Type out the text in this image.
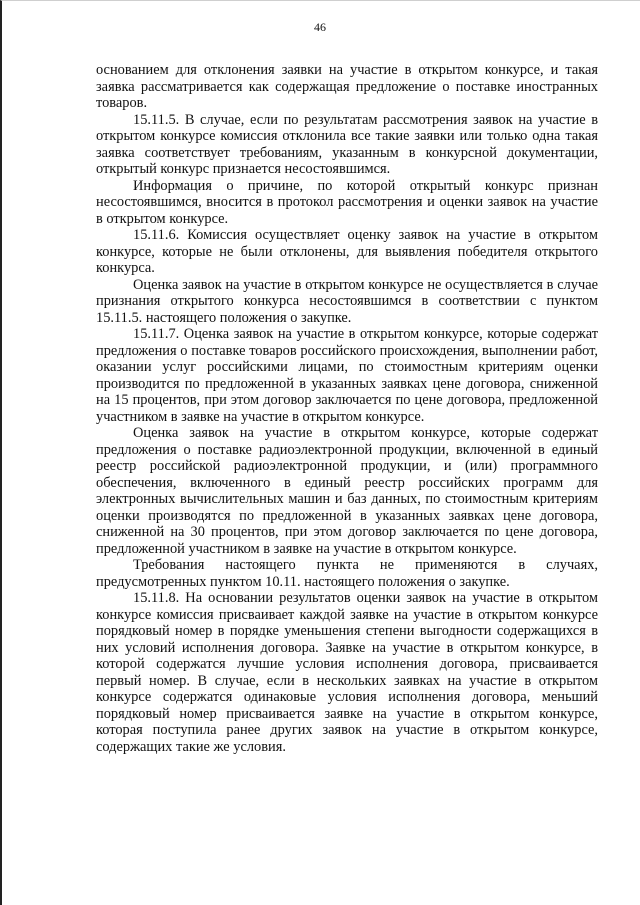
46

основанием для отклонения заявки на участие в открытом конкурсе, и такая заявка рассматривается как содержащая предложение о поставке иностранных товаров.

15.11.5. В случае, если по результатам рассмотрения заявок на участие в открытом конкурсе комиссия отклонила все такие заявки или только одна такая заявка соответствует требованиям, указанным в конкурсной документации, открытый конкурс признается несостоявшимся.

Информация о причине, по которой открытый конкурс признан несостоявшимся, вносится в протокол рассмотрения и оценки заявок на участие в открытом конкурсе.

15.11.6. Комиссия осуществляет оценку заявок на участие в открытом конкурсе, которые не были отклонены, для выявления победителя открытого конкурса.

Оценка заявок на участие в открытом конкурсе не осуществляется в случае признания открытого конкурса несостоявшимся в соответствии с пунктом 15.11.5. настоящего положения о закупке.

15.11.7. Оценка заявок на участие в открытом конкурсе, которые содержат предложения о поставке товаров российского происхождения, выполнении работ, оказании услуг российскими лицами, по стоимостным критериям оценки производится по предложенной в указанных заявках цене договора, сниженной на 15 процентов, при этом договор заключается по цене договора, предложенной участником в заявке на участие в открытом конкурсе.

Оценка заявок на участие в открытом конкурсе, которые содержат предложения о поставке радиоэлектронной продукции, включенной в единый реестр российской радиоэлектронной продукции, и (или) программного обеспечения, включенного в единый реестр российских программ для электронных вычислительных машин и баз данных, по стоимостным критериям оценки производятся по предложенной в указанных заявках цене договора, сниженной на 30 процентов, при этом договор заключается по цене договора, предложенной участником в заявке на участие в открытом конкурсе.

Требования настоящего пункта не применяются в случаях, предусмотренных пунктом 10.11. настоящего положения о закупке.

15.11.8. На основании результатов оценки заявок на участие в открытом конкурсе комиссия присваивает каждой заявке на участие в открытом конкурсе порядковый номер в порядке уменьшения степени выгодности содержащихся в них условий исполнения договора. Заявке на участие в открытом конкурсе, в которой содержатся лучшие условия исполнения договора, присваивается первый номер. В случае, если в нескольких заявках на участие в открытом конкурсе содержатся одинаковые условия исполнения договора, меньший порядковый номер присваивается заявке на участие в открытом конкурсе, которая поступила ранее других заявок на участие в открытом конкурсе, содержащих такие же условия.
